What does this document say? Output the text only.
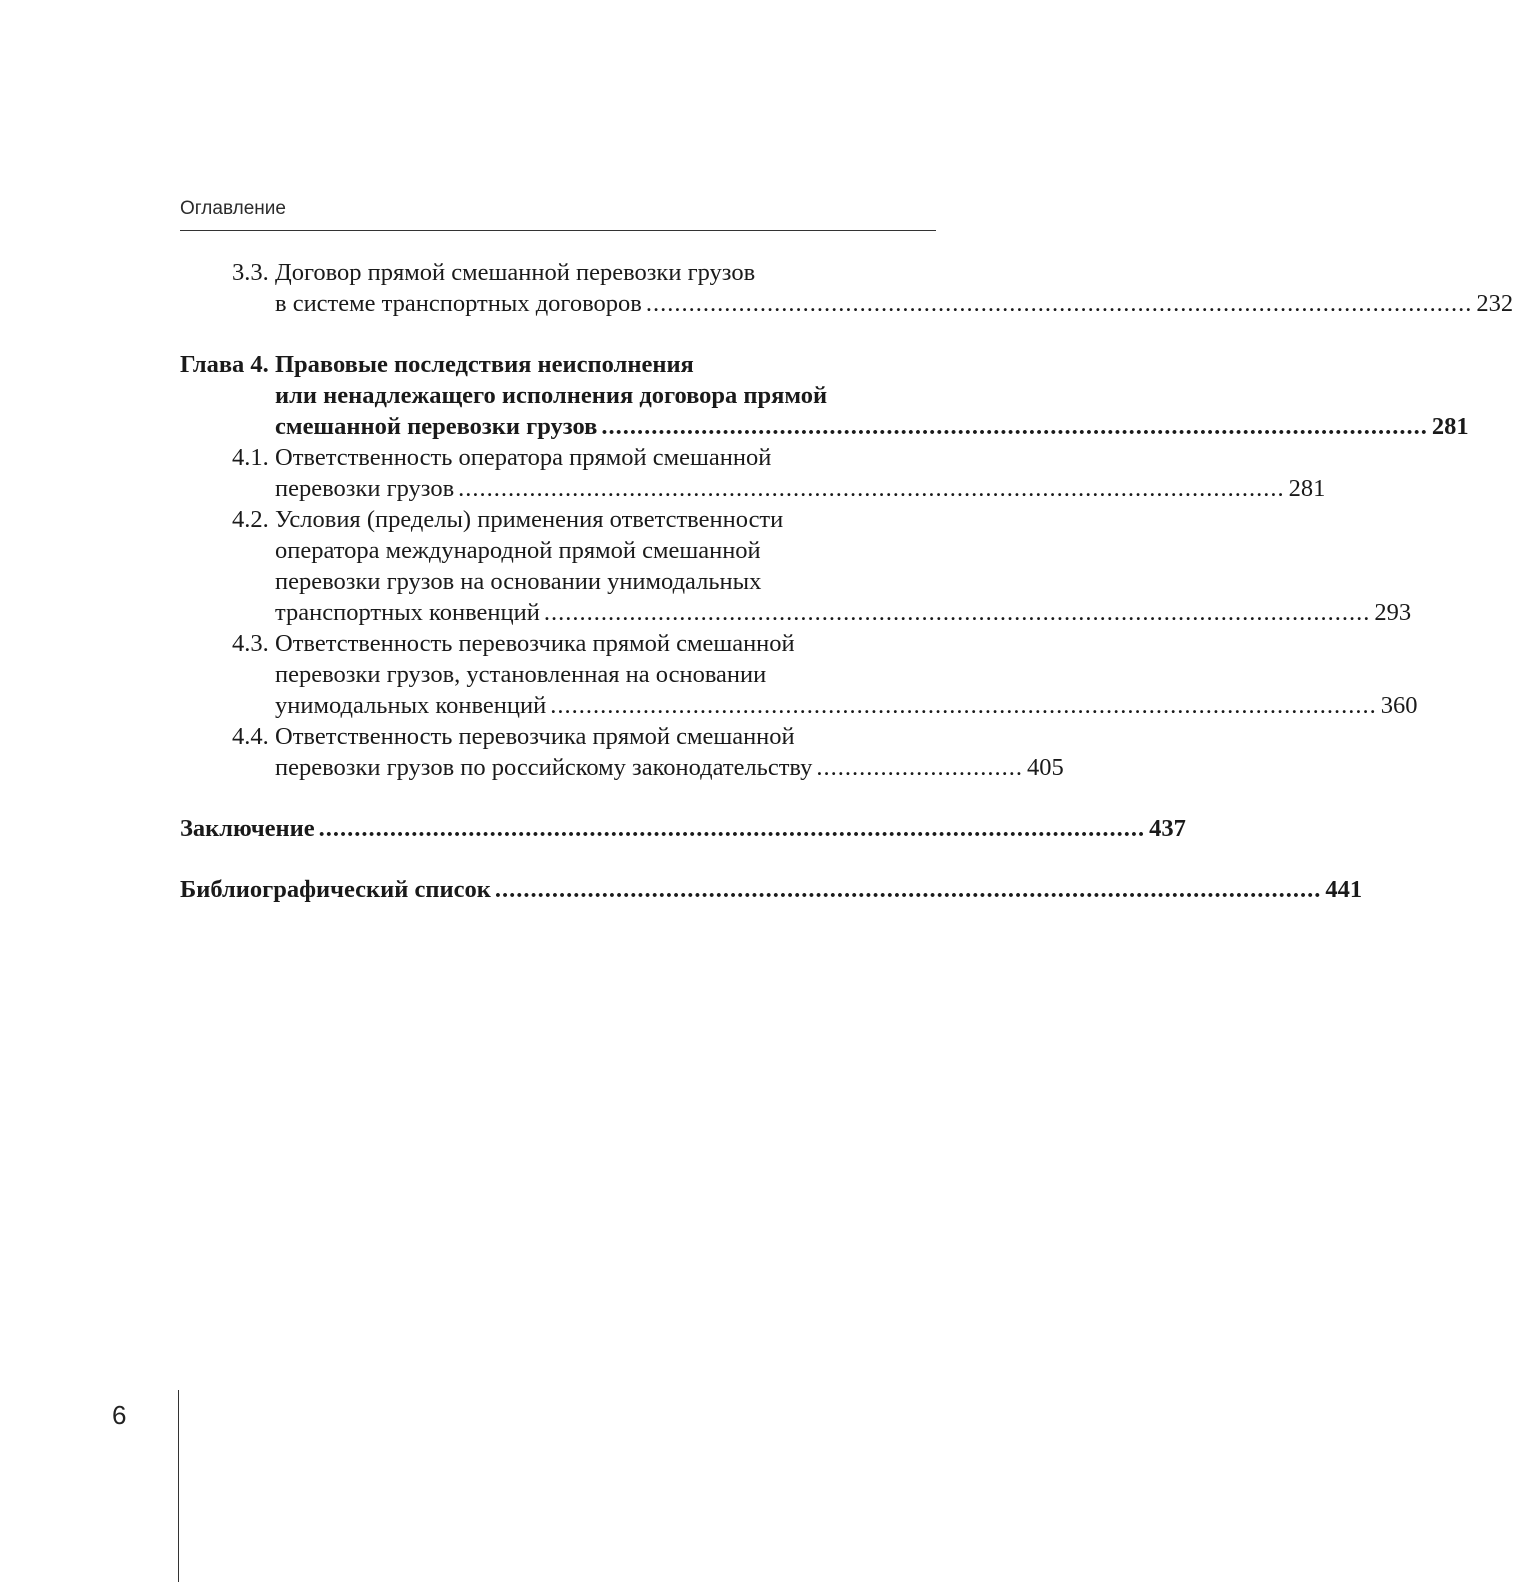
Оглавление
3.3. Договор прямой смешанной перевозки грузов
в системе транспортных договоров .................................................................................................................... 232
Глава 4. Правовые последствия неисполнения
или ненадлежащего исполнения договора прямой
смешанной перевозки грузов .................................................................................................................... 281
4.1. Ответственность оператора прямой смешанной
перевозки грузов .................................................................................................................... 281
4.2. Условия (пределы) применения ответственности
оператора международной прямой смешанной
перевозки грузов на основании унимодальных
транспортных конвенций .................................................................................................................... 293
4.3. Ответственность перевозчика прямой смешанной
перевозки грузов, установленная на основании
унимодальных конвенций .................................................................................................................... 360
4.4. Ответственность перевозчика прямой смешанной
перевозки грузов по российскому законодательству ............................. 405
Заключение .................................................................................................................... 437
Библиографический список .................................................................................................................... 441
6
